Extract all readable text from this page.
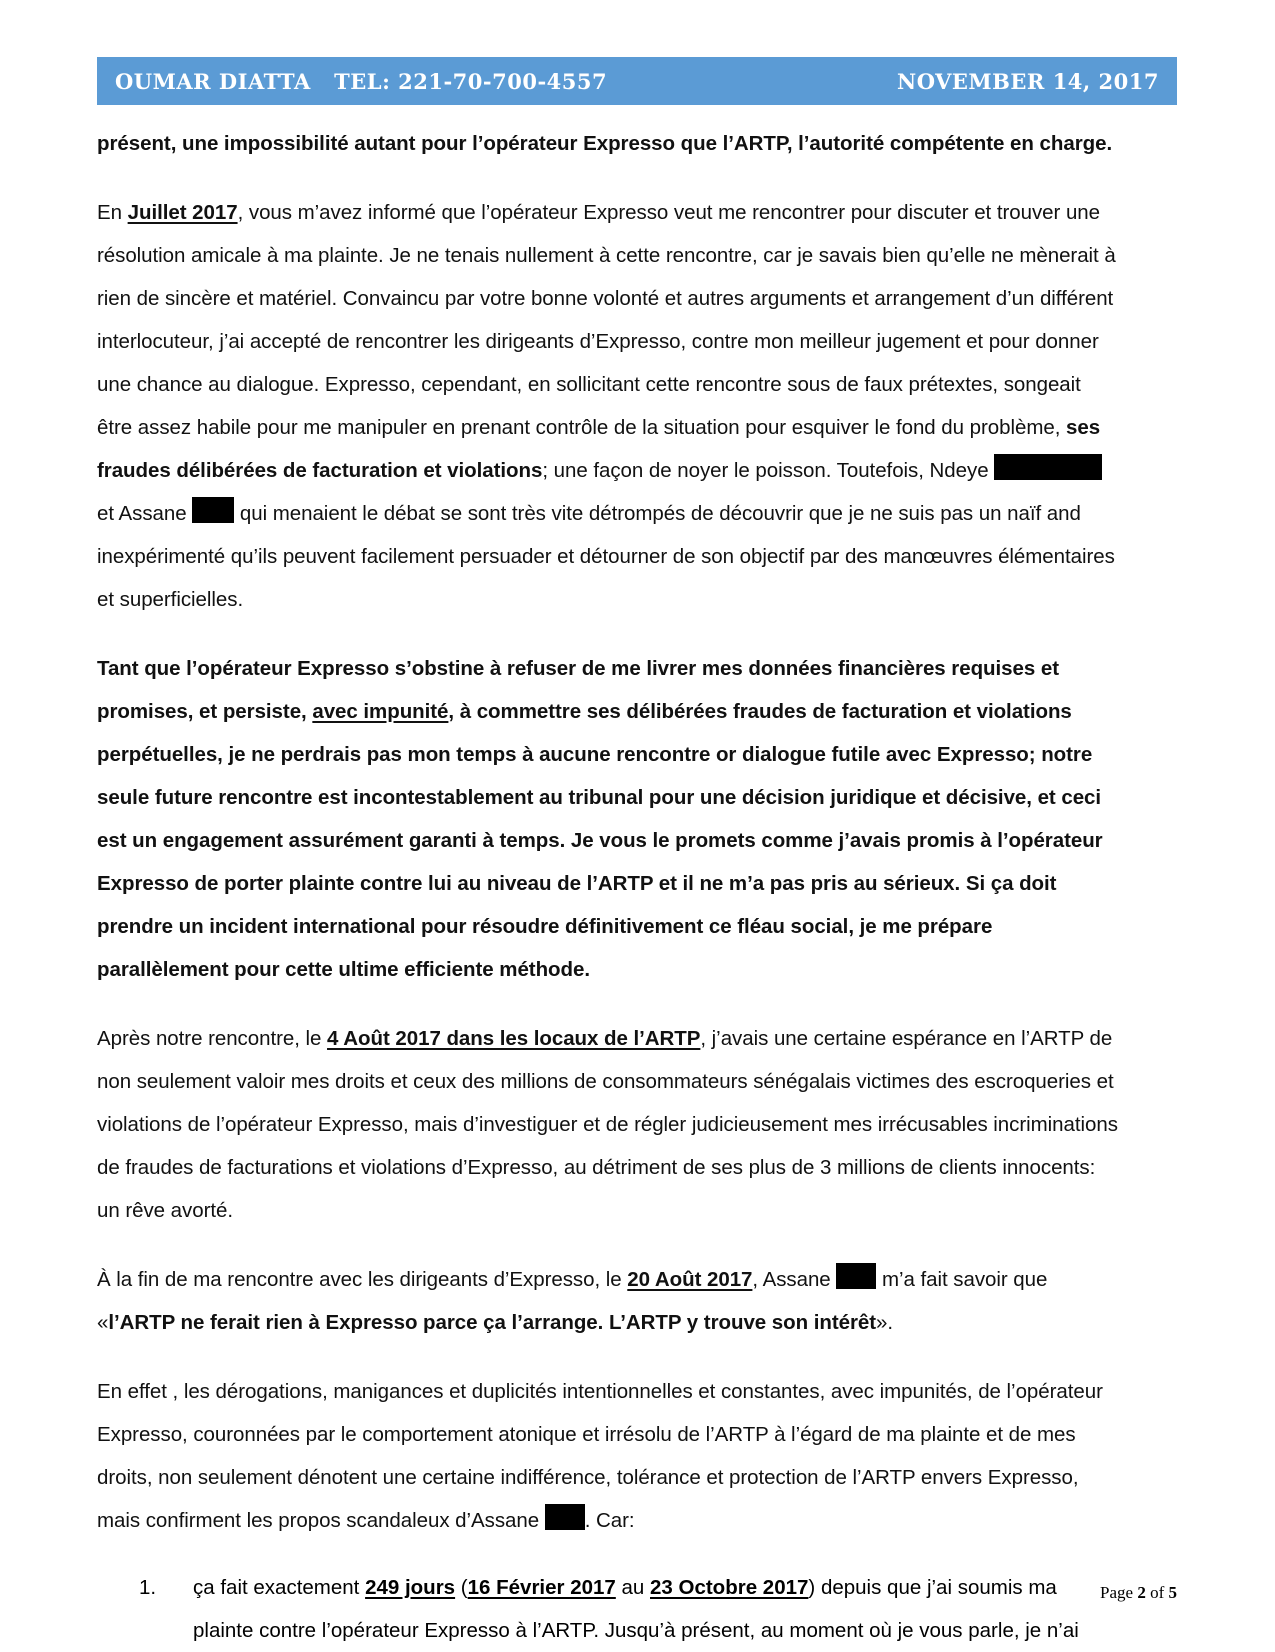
OUMAR DIATTA   TEL: 221-70-700-4557	NOVEMBER 14, 2017

présent, une impossibilité autant pour l’opérateur Expresso que l’ARTP, l’autorité compétente en charge.

En Juillet 2017, vous m’avez informé que l’opérateur Expresso veut me rencontrer pour discuter et trouver une résolution amicale à ma plainte. Je ne tenais nullement à cette rencontre, car je savais bien qu’elle ne mènerait à rien de sincère et matériel. Convaincu par votre bonne volonté et autres arguments et arrangement d’un différent interlocuteur, j’ai accepté de rencontrer les dirigeants d’Expresso, contre mon meilleur jugement et pour donner une chance au dialogue. Expresso, cependant, en sollicitant cette rencontre sous de faux prétextes, songeait être assez habile pour me manipuler en prenant contrôle de la situation pour esquiver le fond du problème, ses fraudes délibérées de facturation et violations; une façon de noyer le poisson. Toutefois, Ndeye  et Assane  qui menaient le débat se sont très vite détrompés de découvrir que je ne suis pas un naïf and inexpérimenté qu’ils peuvent facilement persuader et détourner de son objectif par des manœuvres élémentaires et superficielles.

Tant que l’opérateur Expresso s’obstine à refuser de me livrer mes données financières requises et promises, et persiste, avec impunité, à commettre ses délibérées fraudes de facturation et violations perpétuelles, je ne perdrais pas mon temps à aucune rencontre or dialogue futile avec Expresso; notre seule future rencontre est incontestablement au tribunal pour une décision juridique et décisive, et ceci est un engagement assurément garanti à temps. Je vous le promets comme j’avais promis à l’opérateur Expresso de porter plainte contre lui au niveau de l’ARTP et il ne m’a pas pris au sérieux. Si ça doit prendre un incident international pour résoudre définitivement ce fléau social, je me prépare parallèlement pour cette ultime efficiente méthode.

Après notre rencontre, le 4 Août 2017 dans les locaux de l’ARTP, j’avais une certaine espérance en l’ARTP de non seulement valoir mes droits et ceux des millions de consommateurs sénégalais victimes des escroqueries et violations de l’opérateur Expresso, mais d’investiguer et de régler judicieusement mes irrécusables incriminations de fraudes de facturations et violations d’Expresso, au détriment de ses plus de 3 millions de clients innocents: un rêve avorté.

À la fin de ma rencontre avec les dirigeants d’Expresso, le 20 Août 2017, Assane  m’a fait savoir que «l’ARTP ne ferait rien à Expresso parce ça l’arrange. L’ARTP y trouve son intérêt».

En effet , les dérogations, manigances et duplicités intentionnelles et constantes, avec impunités, de l’opérateur Expresso, couronnées par le comportement atonique et irrésolu de l’ARTP à l’égard de ma plainte et de mes droits, non seulement dénotent une certaine indifférence, tolérance et protection de l’ARTP envers Expresso, mais confirment les propos scandaleux d’Assane . Car:

ça fait exactement 249 jours (16 Février 2017 au 23 Octobre 2017) depuis que j’ai soumis ma plainte contre l’opérateur Expresso à l’ARTP. Jusqu’à présent, au moment où je vous parle, je n’ai
Page 2 of 5
